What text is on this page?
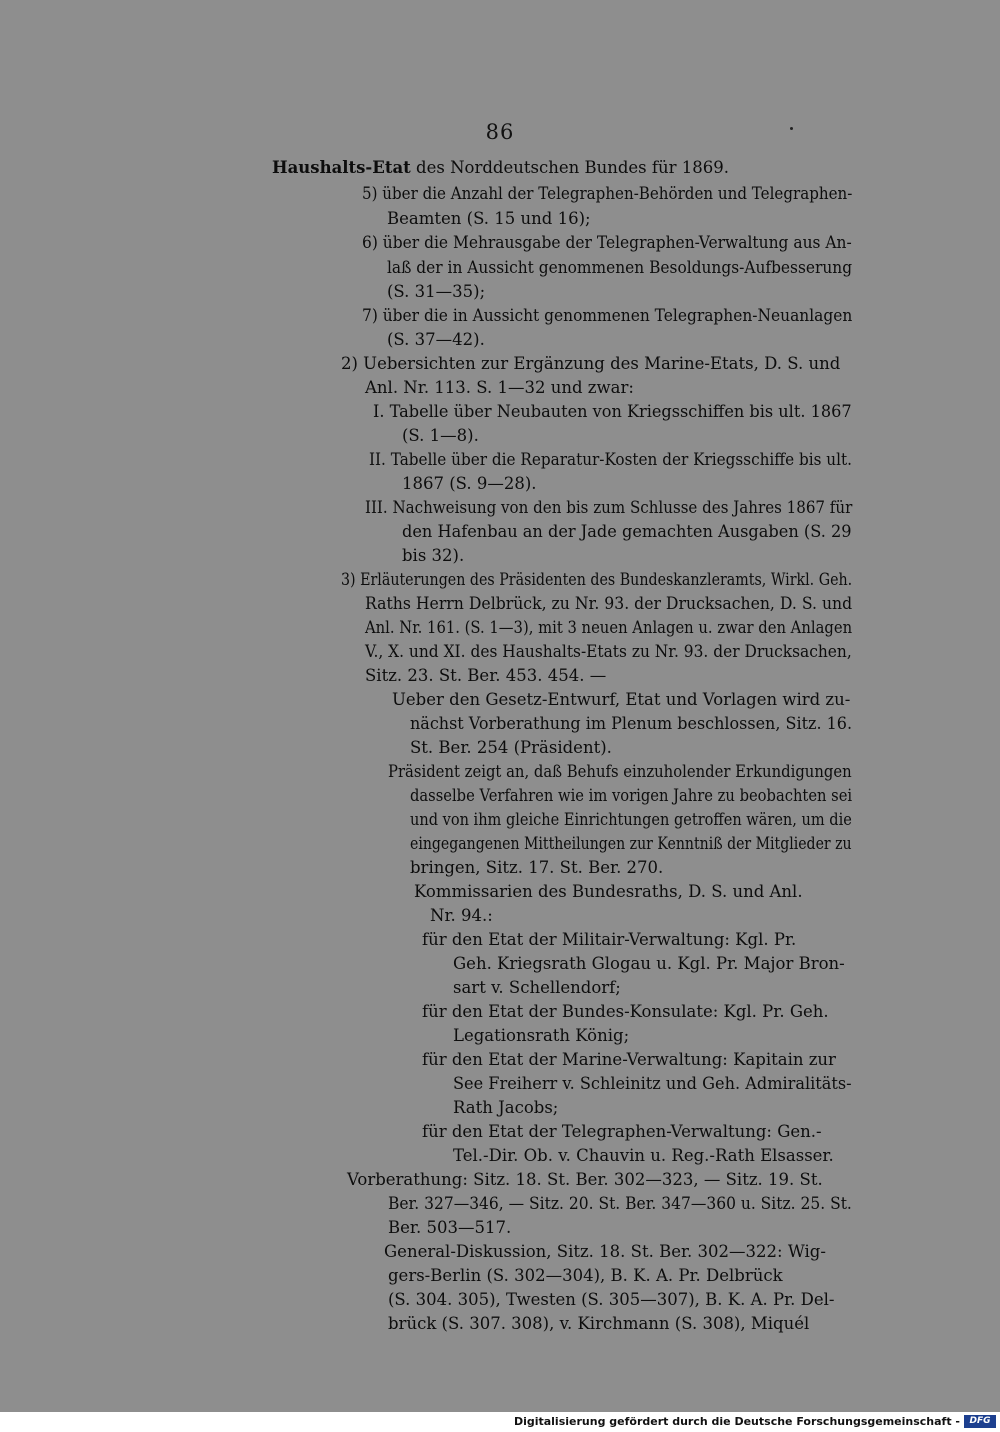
86
Haushalts-Etat des Norddeutschen Bundes für 1869.
5) über die Anzahl der Telegraphen-Behörden und Telegraphen-
Beamten (S. 15 und 16);
6) über die Mehrausgabe der Telegraphen-Verwaltung aus An-
laß der in Aussicht genommenen Besoldungs-Aufbesserung
(S. 31—35);
7) über die in Aussicht genommenen Telegraphen-Neuanlagen
(S. 37—42).
2) Uebersichten zur Ergänzung des Marine-Etats, D. S. und
Anl. Nr. 113. S. 1—32 und zwar:
I. Tabelle über Neubauten von Kriegsschiffen bis ult. 1867
(S. 1—8).
II. Tabelle über die Reparatur-Kosten der Kriegsschiffe bis ult.
1867 (S. 9—28).
III. Nachweisung von den bis zum Schlusse des Jahres 1867 für
den Hafenbau an der Jade gemachten Ausgaben (S. 29
bis 32).
3) Erläuterungen des Präsidenten des Bundeskanzleramts, Wirkl. Geh.
Raths Herrn Delbrück, zu Nr. 93. der Drucksachen, D. S. und
Anl. Nr. 161. (S. 1—3), mit 3 neuen Anlagen u. zwar den Anlagen
V., X. und XI. des Haushalts-Etats zu Nr. 93. der Drucksachen,
Sitz. 23. St. Ber. 453. 454. —
Ueber den Gesetz-Entwurf, Etat und Vorlagen wird zu-
nächst Vorberathung im Plenum beschlossen, Sitz. 16.
St. Ber. 254 (Präsident).
Präsident zeigt an, daß Behufs einzuholender Erkundigungen
dasselbe Verfahren wie im vorigen Jahre zu beobachten sei
und von ihm gleiche Einrichtungen getroffen wären, um die
eingegangenen Mittheilungen zur Kenntniß der Mitglieder zu
bringen, Sitz. 17. St. Ber. 270.
Kommissarien des Bundesraths, D. S. und Anl.
Nr. 94.:
für den Etat der Militair-Verwaltung: Kgl. Pr.
Geh. Kriegsrath Glogau u. Kgl. Pr. Major Bron-
sart v. Schellendorf;
für den Etat der Bundes-Konsulate: Kgl. Pr. Geh.
Legationsrath König;
für den Etat der Marine-Verwaltung: Kapitain zur
See Freiherr v. Schleinitz und Geh. Admiralitäts-
Rath Jacobs;
für den Etat der Telegraphen-Verwaltung: Gen.-
Tel.-Dir. Ob. v. Chauvin u. Reg.-Rath Elsasser.
Vorberathung: Sitz. 18. St. Ber. 302—323, — Sitz. 19. St.
Ber. 327—346, — Sitz. 20. St. Ber. 347—360 u. Sitz. 25. St.
Ber. 503—517.
General-Diskussion, Sitz. 18. St. Ber. 302—322: Wig-
gers-Berlin (S. 302—304), B. K. A. Pr. Delbrück
(S. 304. 305), Twesten (S. 305—307), B. K. A. Pr. Del-
brück (S. 307. 308), v. Kirchmann (S. 308), Miquél
Digitalisierung gefördert durch die Deutsche Forschungsgemeinschaft -	DFG
